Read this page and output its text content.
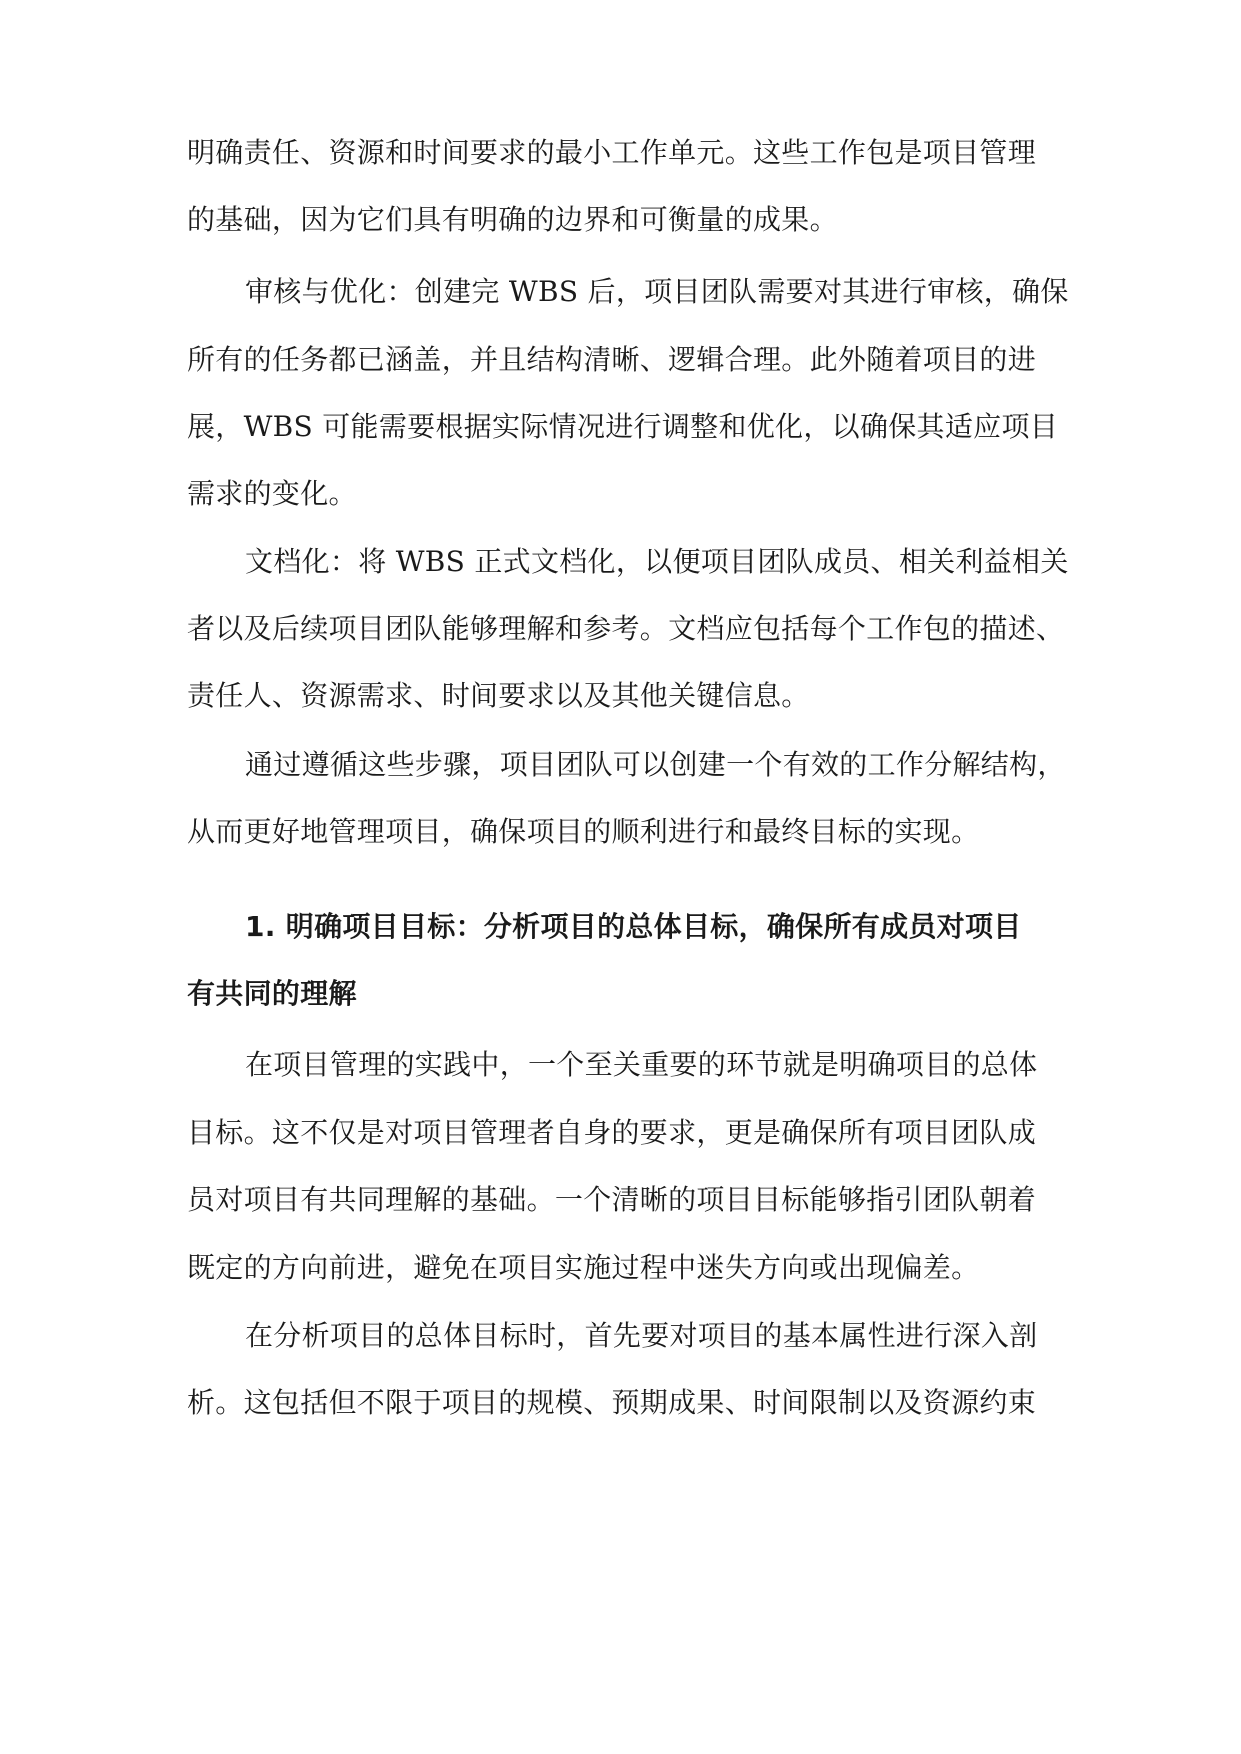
明确责任、资源和时间要求的最小工作单元。这些工作包是项目管理
的基础，因为它们具有明确的边界和可衡量的成果。
审核与优化：创建完 WBS 后，项目团队需要对其进行审核，确保
所有的任务都已涵盖，并且结构清晰、逻辑合理。此外随着项目的进
展，WBS 可能需要根据实际情况进行调整和优化，以确保其适应项目
需求的变化。
文档化：将 WBS 正式文档化，以便项目团队成员、相关利益相关
者以及后续项目团队能够理解和参考。文档应包括每个工作包的描述、
责任人、资源需求、时间要求以及其他关键信息。
通过遵循这些步骤，项目团队可以创建一个有效的工作分解结构，
从而更好地管理项目，确保项目的顺利进行和最终目标的实现。
1. 明确项目目标：分析项目的总体目标，确保所有成员对项目
有共同的理解
在项目管理的实践中，一个至关重要的环节就是明确项目的总体
目标。这不仅是对项目管理者自身的要求，更是确保所有项目团队成
员对项目有共同理解的基础。一个清晰的项目目标能够指引团队朝着
既定的方向前进，避免在项目实施过程中迷失方向或出现偏差。
在分析项目的总体目标时，首先要对项目的基本属性进行深入剖
析。这包括但不限于项目的规模、预期成果、时间限制以及资源约束
